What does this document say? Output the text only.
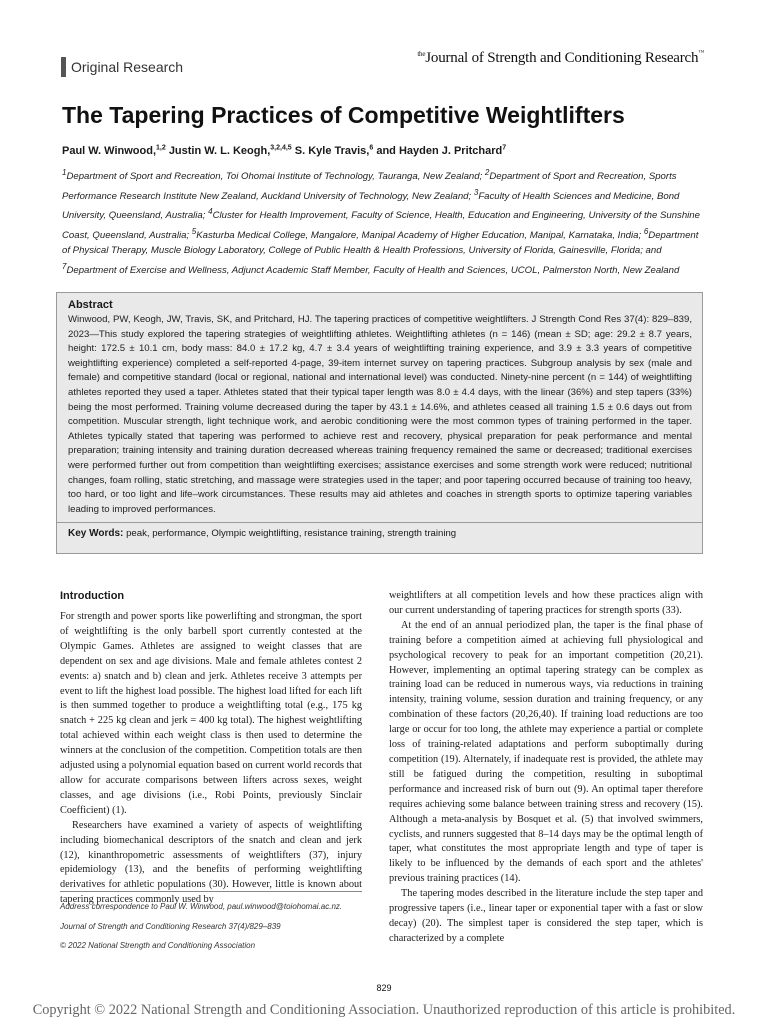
Original Research
$^{the}$Journal of Strength and Conditioning Research™
The Tapering Practices of Competitive Weightlifters
Paul W. Winwood,$^{1,2}$ Justin W. L. Keogh,$^{3,2,4,5}$ S. Kyle Travis,$^6$ and Hayden J. Pritchard$^7$
$^1$Department of Sport and Recreation, Toi Ohomai Institute of Technology, Tauranga, New Zealand; $^2$Department of Sport and Recreation, Sports Performance Research Institute New Zealand, Auckland University of Technology, New Zealand; $^3$Faculty of Health Sciences and Medicine, Bond University, Queensland, Australia; $^4$Cluster for Health Improvement, Faculty of Science, Health, Education and Engineering, University of the Sunshine Coast, Queensland, Australia; $^5$Kasturba Medical College, Mangalore, Manipal Academy of Higher Education, Manipal, Karnataka, India; $^6$Department of Physical Therapy, Muscle Biology Laboratory, College of Public Health & Health Professions, University of Florida, Gainesville, Florida; and $^7$Department of Exercise and Wellness, Adjunct Academic Staff Member, Faculty of Health and Sciences, UCOL, Palmerston North, New Zealand
Abstract
Winwood, PW, Keogh, JW, Travis, SK, and Pritchard, HJ. The tapering practices of competitive weightlifters. J Strength Cond Res 37(4): 829–839, 2023—This study explored the tapering strategies of weightlifting athletes. Weightlifting athletes (n = 146) (mean ± SD; age: 29.2 ± 8.7 years, height: 172.5 ± 10.1 cm, body mass: 84.0 ± 17.2 kg, 4.7 ± 3.4 years of weightlifting training experience, and 3.9 ± 3.3 years of competitive weightlifting experience) completed a self-reported 4-page, 39-item internet survey on tapering practices. Subgroup analysis by sex (male and female) and competitive standard (local or regional, national and international level) was conducted. Ninety-nine percent (n = 144) of weightlifting athletes reported they used a taper. Athletes stated that their typical taper length was 8.0 ± 4.4 days, with the linear (36%) and step tapers (33%) being the most performed. Training volume decreased during the taper by 43.1 ± 14.6%, and athletes ceased all training 1.5 ± 0.6 days out from competition. Muscular strength, light technique work, and aerobic conditioning were the most common types of training performed in the taper. Athletes typically stated that tapering was performed to achieve rest and recovery, physical preparation for peak performance and mental preparation; training intensity and training duration decreased whereas training frequency remained the same or decreased; traditional exercises were performed further out from competition than weightlifting exercises; assistance exercises and some strength work were reduced; nutritional changes, foam rolling, static stretching, and massage were strategies used in the taper; and poor tapering occurred because of training too heavy, too hard, or too light and life–work circumstances. These results may aid athletes and coaches in strength sports to optimize tapering variables leading to improved performances.
Key Words: peak, performance, Olympic weightlifting, resistance training, strength training
Introduction

For strength and power sports like powerlifting and strongman, the sport of weightlifting is the only barbell sport currently contested at the Olympic Games. Athletes are assigned to weight classes that are dependent on sex and age divisions. Male and female athletes contest 2 events: a) snatch and b) clean and jerk. Athletes receive 3 attempts per event to lift the highest load possible. The highest load lifted for each lift is then summed together to produce a weightlifting total (e.g., 175 kg snatch + 225 kg clean and jerk = 400 kg total). The highest weightlifting total achieved within each weight class is then used to determine the winners at the conclusion of the competition. Competition totals are then adjusted using a polynomial equation based on current world records that allow for accurate comparisons between lifters across sexes, weight classes, and age divisions (i.e., Robi Points, previously Sinclair Coefficient) (1).

Researchers have examined a variety of aspects of weightlifting including biomechanical descriptors of the snatch and clean and jerk (12), kinanthropometric assessments of weightlifters (37), injury epidemiology (13), and the benefits of performing weightlifting derivatives for athletic populations (30). However, little is known about tapering practices commonly used by

weightlifters at all competition levels and how these practices align with our current understanding of tapering practices for strength sports (33).

At the end of an annual periodized plan, the taper is the final phase of training before a competition aimed at achieving full physiological and psychological recovery to peak for an important competition (20,21). However, implementing an optimal tapering strategy can be complex as training load can be reduced in numerous ways, via reductions in training intensity, training volume, session duration and training frequency, or any combination of these factors (20,26,40). If training load reductions are too large or occur for too long, the athlete may experience a partial or complete loss of training-related adaptations and perform suboptimally during competition (19). Alternately, if inadequate rest is provided, the athlete may still be fatigued during the competition, resulting in suboptimal performance and increased risk of burn out (9). An optimal taper therefore requires achieving some balance between training stress and recovery (15). Although a meta-analysis by Bosquet et al. (5) that involved swimmers, cyclists, and runners suggested that 8–14 days may be the optimal length of taper, what constitutes the most appropriate length and type of taper is likely to be influenced by the demands of each sport and the athletes' previous training practices (14).

The tapering modes described in the literature include the step taper and progressive tapers (i.e., linear taper or exponential taper with a fast or slow decay) (20). The simplest taper is considered the step taper, which is characterized by a complete

Address correspondence to Paul W. Winwood, paul.winwood@toiohomai.ac.nz.
Journal of Strength and Conditioning Research 37(4)/829–839
© 2022 National Strength and Conditioning Association
829
Copyright © 2022 National Strength and Conditioning Association. Unauthorized reproduction of this article is prohibited.
